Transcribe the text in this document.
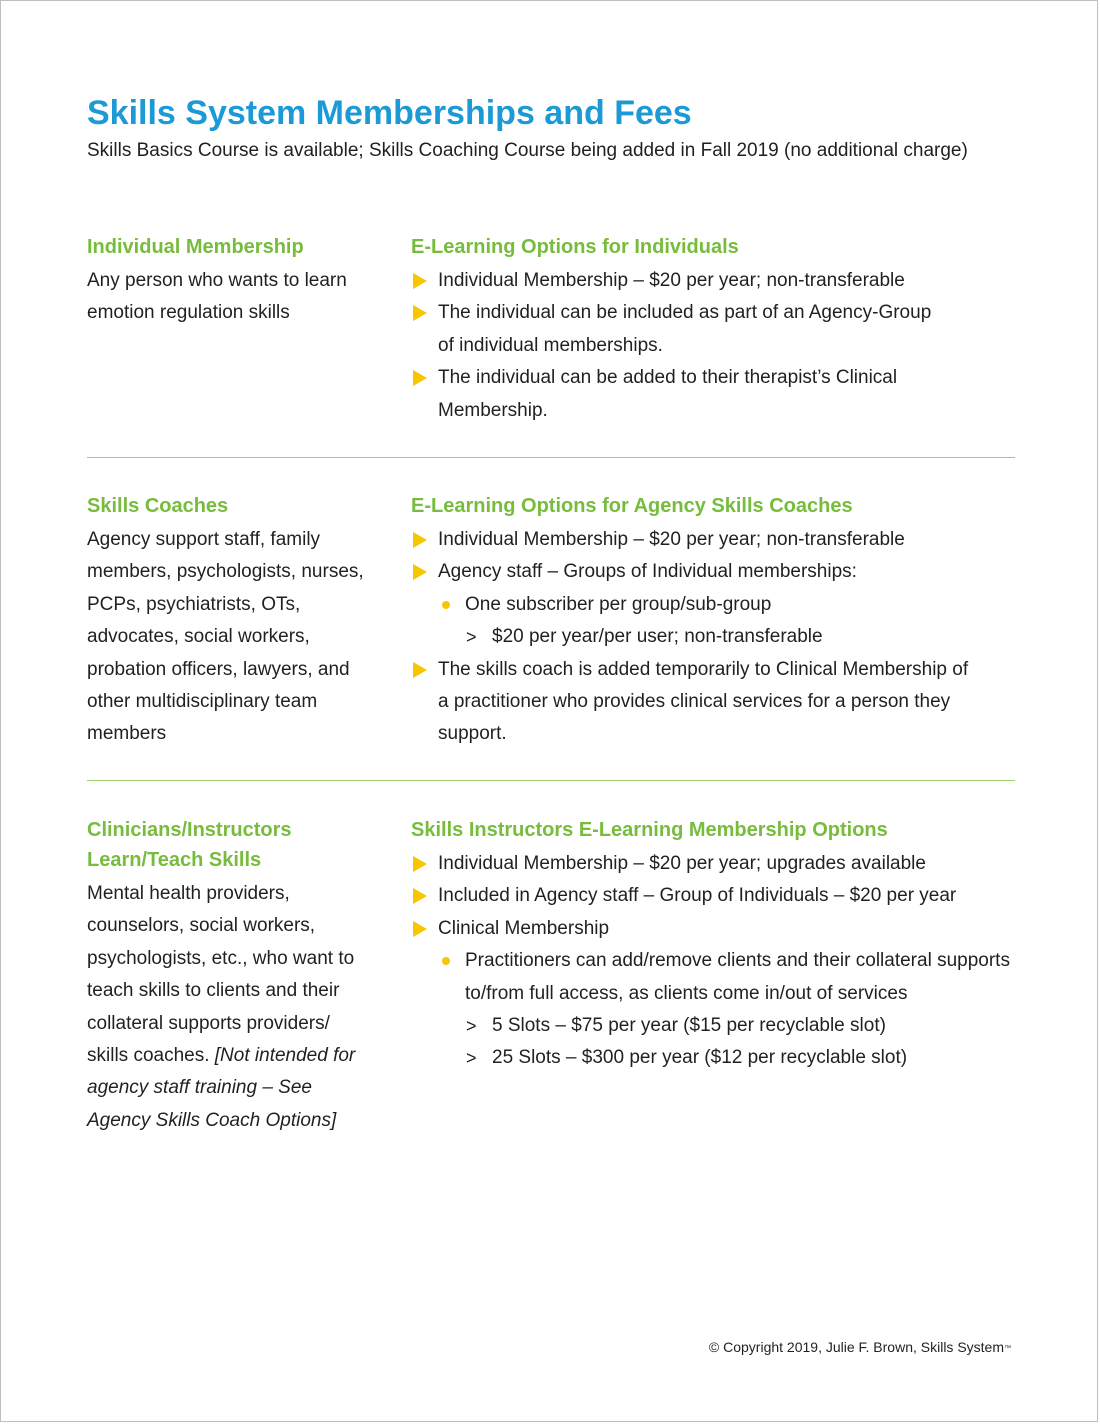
Skills System Memberships and Fees
Skills Basics Course is available; Skills Coaching Course being added in Fall 2019 (no additional charge)
Individual Membership

Any person who wants to learn emotion regulation skills

E-Learning Options for Individuals
Individual Membership – $20 per year; non-transferable
The individual can be included as part of an Agency-Group of individual memberships.
The individual can be added to their therapist’s Clinical Membership.
Skills Coaches

Agency support staff, family members, psychologists, nurses, PCPs, psychiatrists, OTs, advocates, social workers, probation officers, lawyers, and other multidisciplinary team members

E-Learning Options for Agency Skills Coaches
Individual Membership – $20 per year; non-transferable
Agency staff – Groups of Individual memberships:
One subscriber per group/sub-group
> $20 per year/per user; non-transferable
The skills coach is added temporarily to Clinical Membership of a practitioner who provides clinical services for a person they support.
Clinicians/Instructors
Learn/Teach Skills

Mental health providers, counselors, social workers, psychologists, etc., who want to teach skills to clients and their collateral supports providers/ skills coaches. [Not intended for agency staff training – See Agency Skills Coach Options]

Skills Instructors E-Learning Membership Options
Individual Membership – $20 per year; upgrades available
Included in Agency staff – Group of Individuals – $20 per year
Clinical Membership
Practitioners can add/remove clients and their collateral supports to/from full access, as clients come in/out of services
> 5 Slots – $75 per year ($15 per recyclable slot)
> 25 Slots – $300 per year ($12 per recyclable slot)
© Copyright 2019, Julie F. Brown, Skills System™
